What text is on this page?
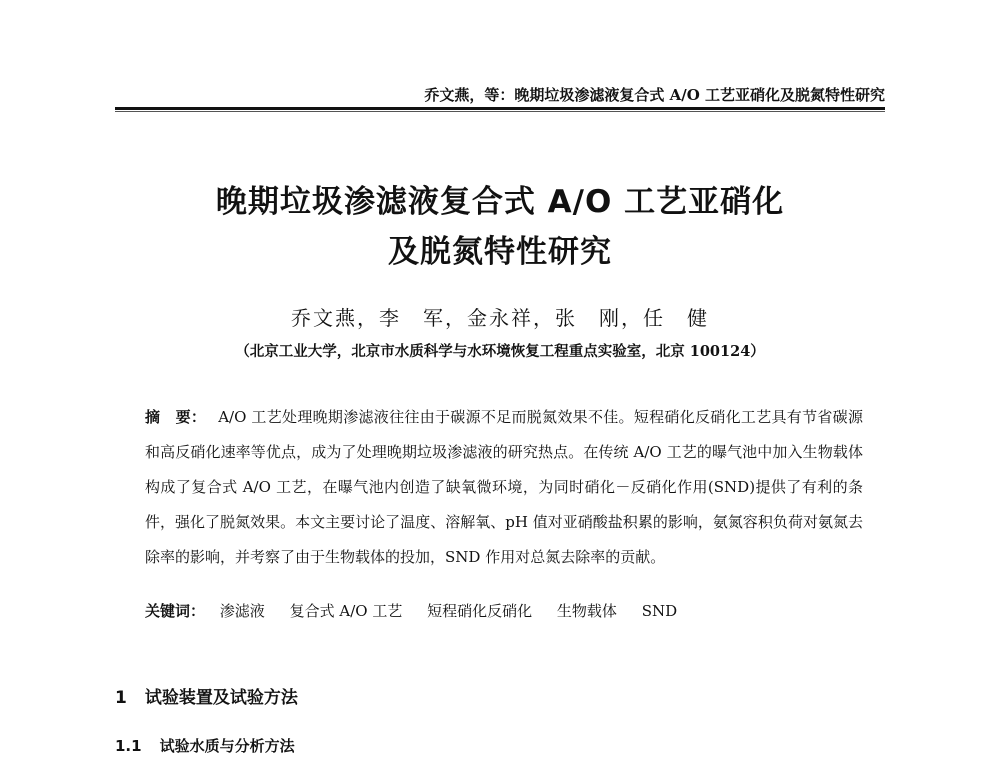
乔文燕，等：晚期垃圾渗滤液复合式 A/O 工艺亚硝化及脱氮特性研究
晚期垃圾渗滤液复合式 A/O 工艺亚硝化
及脱氮特性研究
乔文燕，李　军，金永祥，张　刚，任　健
（北京工业大学，北京市水质科学与水环境恢复工程重点实验室，北京 100124）
摘　要： A/O 工艺处理晚期渗滤液往往由于碳源不足而脱氮效果不佳。短程硝化反硝化工艺具有节省碳源和高反硝化速率等优点，成为了处理晚期垃圾渗滤液的研究热点。在传统 A/O 工艺的曝气池中加入生物载体构成了复合式 A/O 工艺，在曝气池内创造了缺氧微环境，为同时硝化－反硝化作用(SND)提供了有利的条件，强化了脱氮效果。本文主要讨论了温度、溶解氧、pH 值对亚硝酸盐积累的影响，氨氮容积负荷对氨氮去除率的影响，并考察了由于生物载体的投加，SND 作用对总氮去除率的贡献。
关键词： 渗滤液 复合式 A/O 工艺 短程硝化反硝化 生物载体 SND
1 试验装置及试验方法
1.1 试验水质与分析方法
